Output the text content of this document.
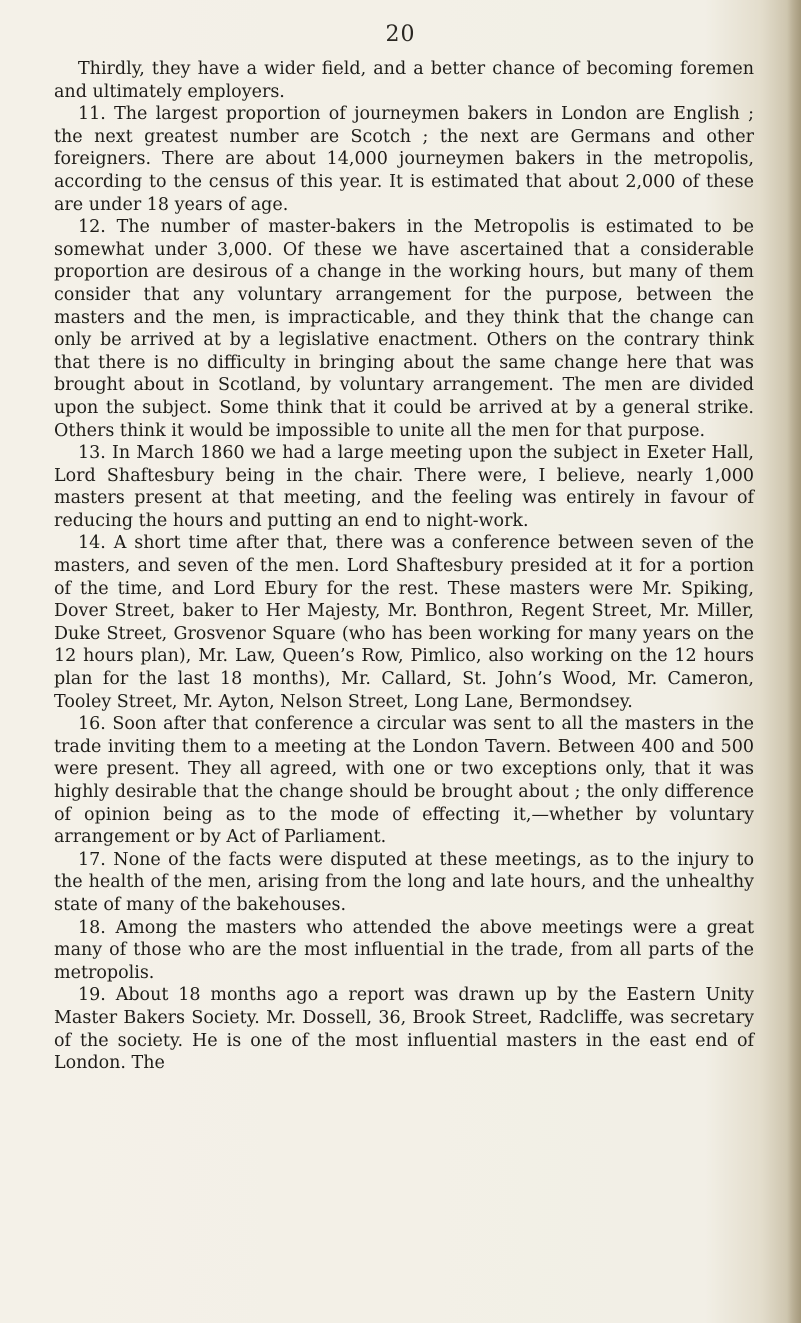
20

Thirdly, they have a wider field, and a better chance of becoming foremen and ultimately employers.

11. The largest proportion of journeymen bakers in London are English ; the next greatest number are Scotch ; the next are Germans and other foreigners. There are about 14,000 journeymen bakers in the metropolis, according to the census of this year. It is estimated that about 2,000 of these are under 18 years of age.

12. The number of master-bakers in the Metropolis is estimated to be somewhat under 3,000. Of these we have ascertained that a considerable proportion are desirous of a change in the working hours, but many of them consider that any voluntary arrangement for the purpose, between the masters and the men, is impracticable, and they think that the change can only be arrived at by a legislative enactment. Others on the contrary think that there is no difficulty in bringing about the same change here that was brought about in Scotland, by voluntary arrangement. The men are divided upon the subject. Some think that it could be arrived at by a general strike. Others think it would be impossible to unite all the men for that purpose.

13. In March 1860 we had a large meeting upon the subject in Exeter Hall, Lord Shaftesbury being in the chair. There were, I believe, nearly 1,000 masters present at that meeting, and the feeling was entirely in favour of reducing the hours and putting an end to night-work.

14. A short time after that, there was a conference between seven of the masters, and seven of the men. Lord Shaftesbury presided at it for a portion of the time, and Lord Ebury for the rest. These masters were Mr. Spiking, Dover Street, baker to Her Majesty, Mr. Bonthron, Regent Street, Mr. Miller, Duke Street, Grosvenor Square (who has been working for many years on the 12 hours plan), Mr. Law, Queen’s Row, Pimlico, also working on the 12 hours plan for the last 18 months), Mr. Callard, St. John’s Wood, Mr. Cameron, Tooley Street, Mr. Ayton, Nelson Street, Long Lane, Bermondsey.

16. Soon after that conference a circular was sent to all the masters in the trade inviting them to a meeting at the London Tavern. Between 400 and 500 were present. They all agreed, with one or two exceptions only, that it was highly desirable that the change should be brought about ; the only difference of opinion being as to the mode of effecting it,—whether by voluntary arrangement or by Act of Parliament.

17. None of the facts were disputed at these meetings, as to the injury to the health of the men, arising from the long and late hours, and the unhealthy state of many of the bakehouses.

18. Among the masters who attended the above meetings were a great many of those who are the most influential in the trade, from all parts of the metropolis.

19. About 18 months ago a report was drawn up by the Eastern Unity Master Bakers Society. Mr. Dossell, 36, Brook Street, Radcliffe, was secretary of the society. He is one of the most influential masters in the east end of London. The
